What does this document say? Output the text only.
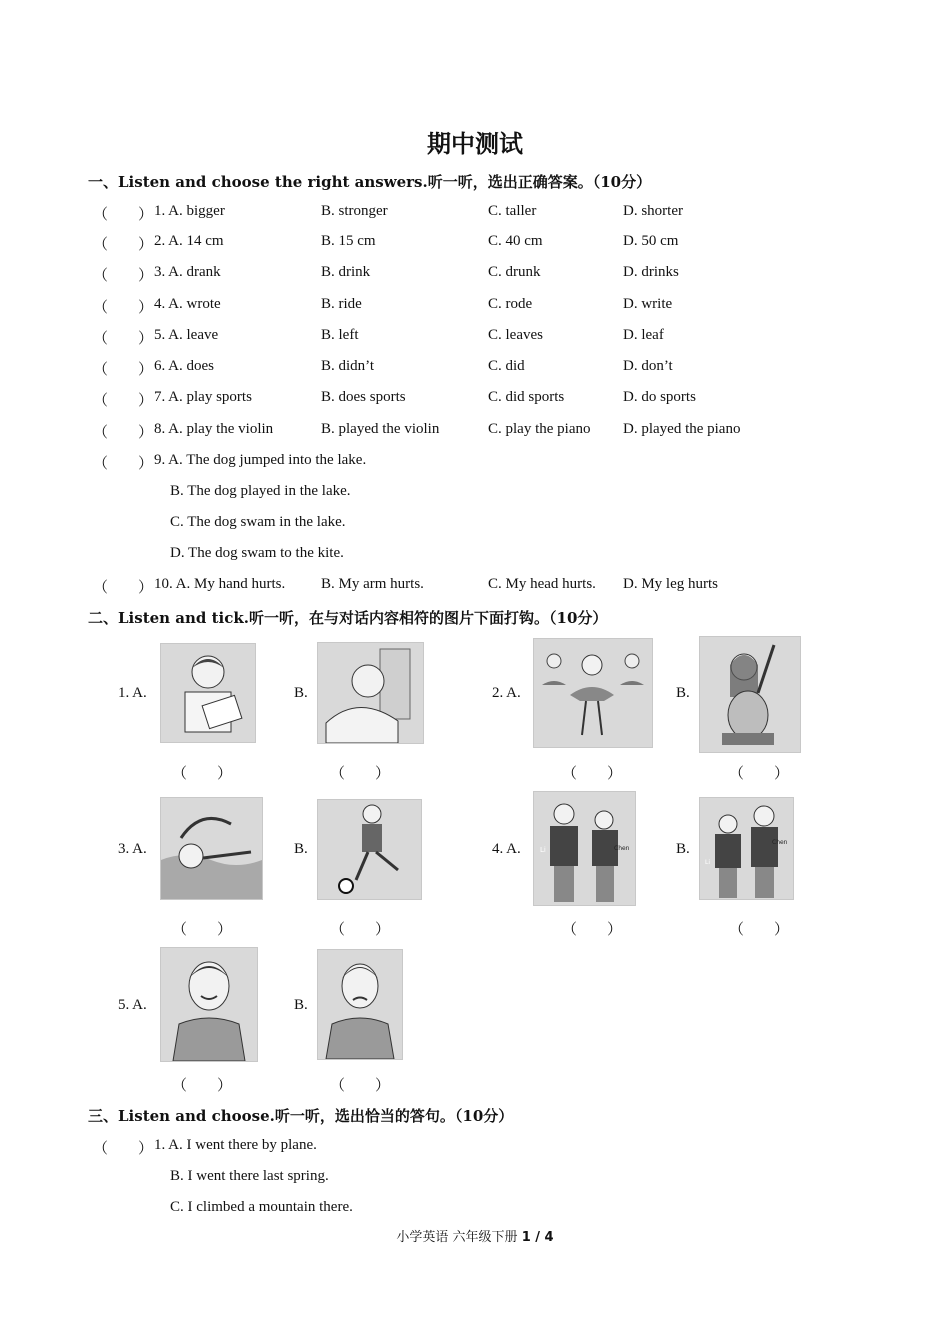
期中测试
一、Listen and choose the right answers.听一听，选出正确答案。（10分）
（　　） 1. A. bigger	B. stronger	C. taller	D. shorter
（　　） 2. A. 14 cm	B. 15 cm	C. 40 cm	D. 50 cm
（　　） 3. A. drank	B. drink	C. drunk	D. drinks
（　　） 4. A. wrote	B. ride	C. rode	D. write
（　　） 5. A. leave	B. left	C. leaves	D. leaf
（　　） 6. A. does	B. didn’t	C. did	D. don’t
（　　） 7. A. play sports	B. does sports	C. did sports	D. do sports
（　　） 8. A. play the violin	B. played the violin	C. play the piano D. played the piano
（　　） 9. A. The dog jumped into the lake.
B. The dog played in the lake.
C. The dog swam in the lake.
D. The dog swam to the kite.
（　　） 10. A. My hand hurts. B. My arm hurts.	C. My head hurts. D. My leg hurts
二、Listen and tick.听一听，在与对话内容相符的图片下面打钩。（10分）
1. A.	B.	2. A.	B.
（　　）	（　　）	（　　）	（　　）
3. A.	B.	4. A.	Li	Chen	B.
Li
Chen
（　　）	（　　）	（　　）	（　　）
5. A.	B.
（　　）	（　　）
三、Listen and choose.听一听，选出恰当的答句。（10分）
（　　） 1. A. I went there by plane.
B. I went there last spring.
C. I climbed a mountain there.
小学英语 六年级下册 1 / 4
